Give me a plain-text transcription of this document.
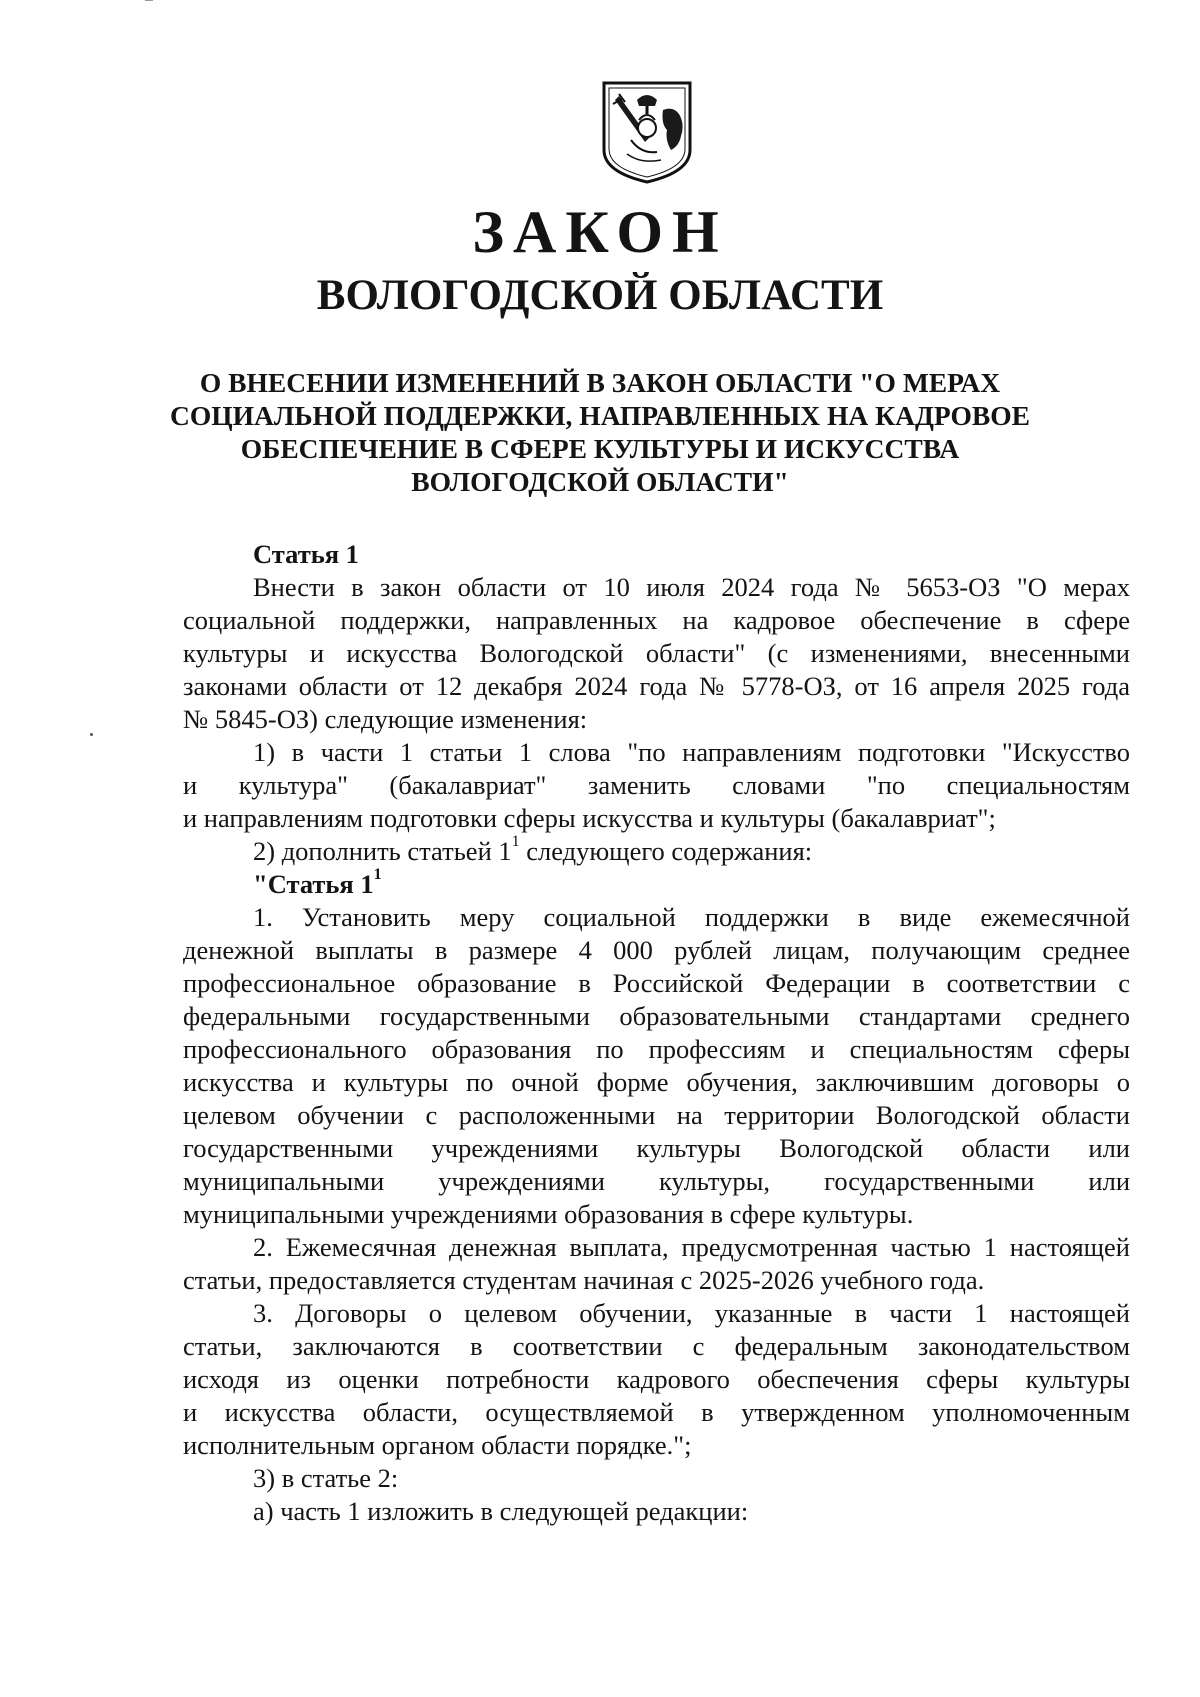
ЗАКОН
ВОЛОГОДСКОЙ ОБЛАСТИ
О ВНЕСЕНИИ ИЗМЕНЕНИЙ В ЗАКОН ОБЛАСТИ "О МЕРАХ
СОЦИАЛЬНОЙ ПОДДЕРЖКИ, НАПРАВЛЕННЫХ НА КАДРОВОЕ
ОБЕСПЕЧЕНИЕ В СФЕРЕ КУЛЬТУРЫ И ИСКУССТВА
ВОЛОГОДСКОЙ ОБЛАСТИ"

Статья 1

Внести в закон области от 10 июля 2024 года № 5653-ОЗ "О мерах

социальной поддержки, направленных на кадровое обеспечение в сфере

культуры и искусства Вологодской области" (с изменениями, внесенными

законами области от 12 декабря 2024 года № 5778-ОЗ, от 16 апреля 2025 года

№ 5845-ОЗ) следующие изменения:

1) в части 1 статьи 1 слова "по направлениям подготовки "Искусство

и культура" (бакалавриат" заменить словами "по специальностям

и направлениям подготовки сферы искусства и культуры (бакалавриат";

2) дополнить статьей $1^1$ следующего содержания:

"Статья $1^1$

1. Установить меру социальной поддержки в виде ежемесячной

денежной выплаты в размере 4 000 рублей лицам, получающим среднее

профессиональное образование в Российской Федерации в соответствии с

федеральными государственными образовательными стандартами среднего

профессионального образования по профессиям и специальностям сферы

искусства и культуры по очной форме обучения, заключившим договоры о

целевом обучении с расположенными на территории Вологодской области

государственными учреждениями культуры Вологодской области или

муниципальными учреждениями культуры, государственными или

муниципальными учреждениями образования в сфере культуры.

2. Ежемесячная денежная выплата, предусмотренная частью 1 настоящей

статьи, предоставляется студентам начиная с 2025-2026 учебного года.

3. Договоры о целевом обучении, указанные в части 1 настоящей

статьи, заключаются в соответствии с федеральным законодательством

исходя из оценки потребности кадрового обеспечения сферы культуры

и искусства области, осуществляемой в утвержденном уполномоченным

исполнительным органом области порядке.";

3) в статье 2:

а) часть 1 изложить в следующей редакции:
